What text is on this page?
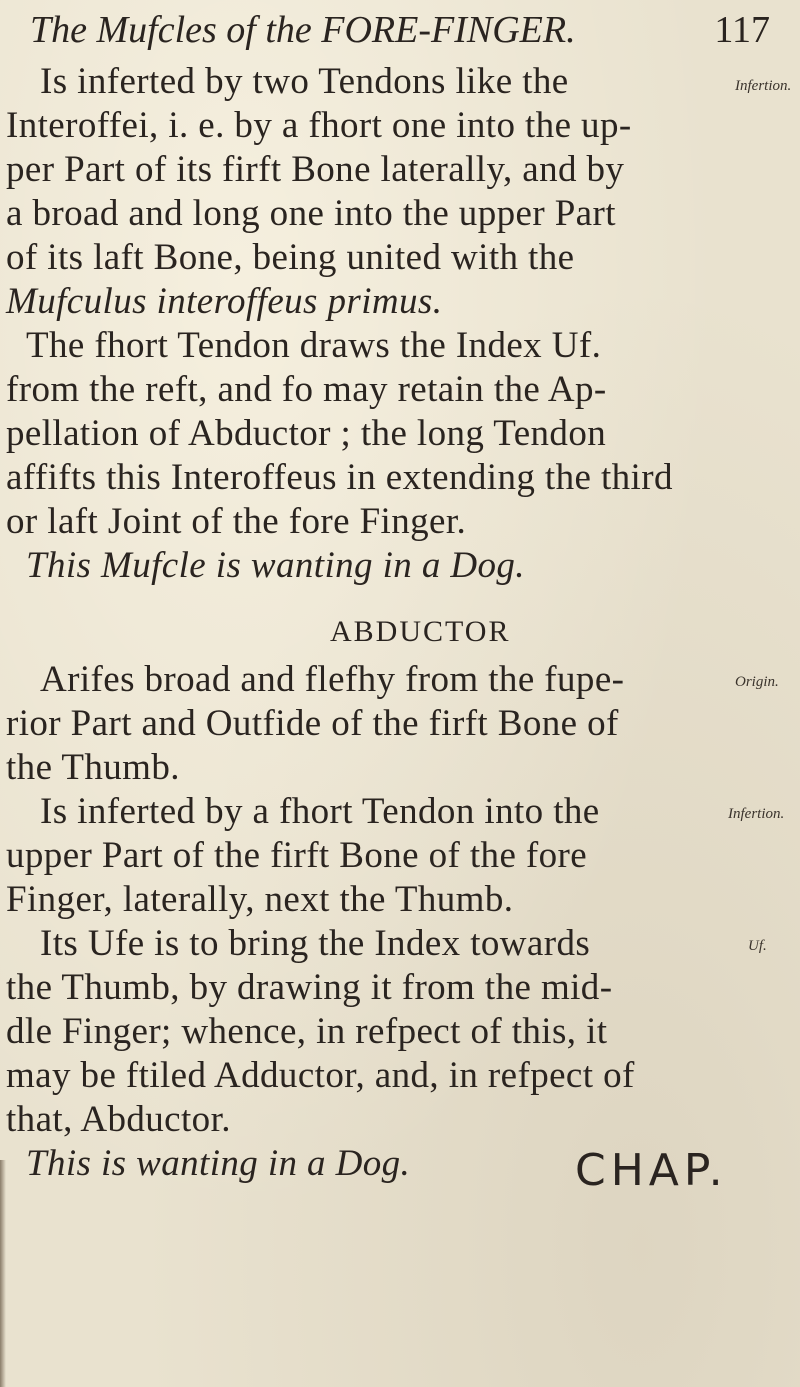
The Mufcles of the FORE-FINGER.	117
Is inferted by two Tendons like the
Interoffei, i. e. by a fhort one into the up-
per Part of its firft Bone laterally, and by
a broad and long one into the upper Part
of its laft Bone, being united with the
Mufculus interoffeus primus.
The fhort Tendon draws the Index Uf.
from the reft, and fo may retain the Ap-
pellation of Abductor ; the long Tendon
affifts this Interoffeus in extending the third
or laft Joint of the fore Finger.
This Mufcle is wanting in a Dog.
Infertion.
ABDUCTOR
Arifes broad and flefhy from the fupe-
rior Part and Outfide of the firft Bone of
the Thumb.
Is inferted by a fhort Tendon into the
upper Part of the firft Bone of the fore
Finger, laterally, next the Thumb.
Its Ufe is to bring the Index towards
the Thumb, by drawing it from the mid-
dle Finger; whence, in refpect of this, it
may be ftiled Adductor, and, in refpect of
that, Abductor.
This is wanting in a Dog.
Origin.
Infertion.
Uf.
CHAP.
